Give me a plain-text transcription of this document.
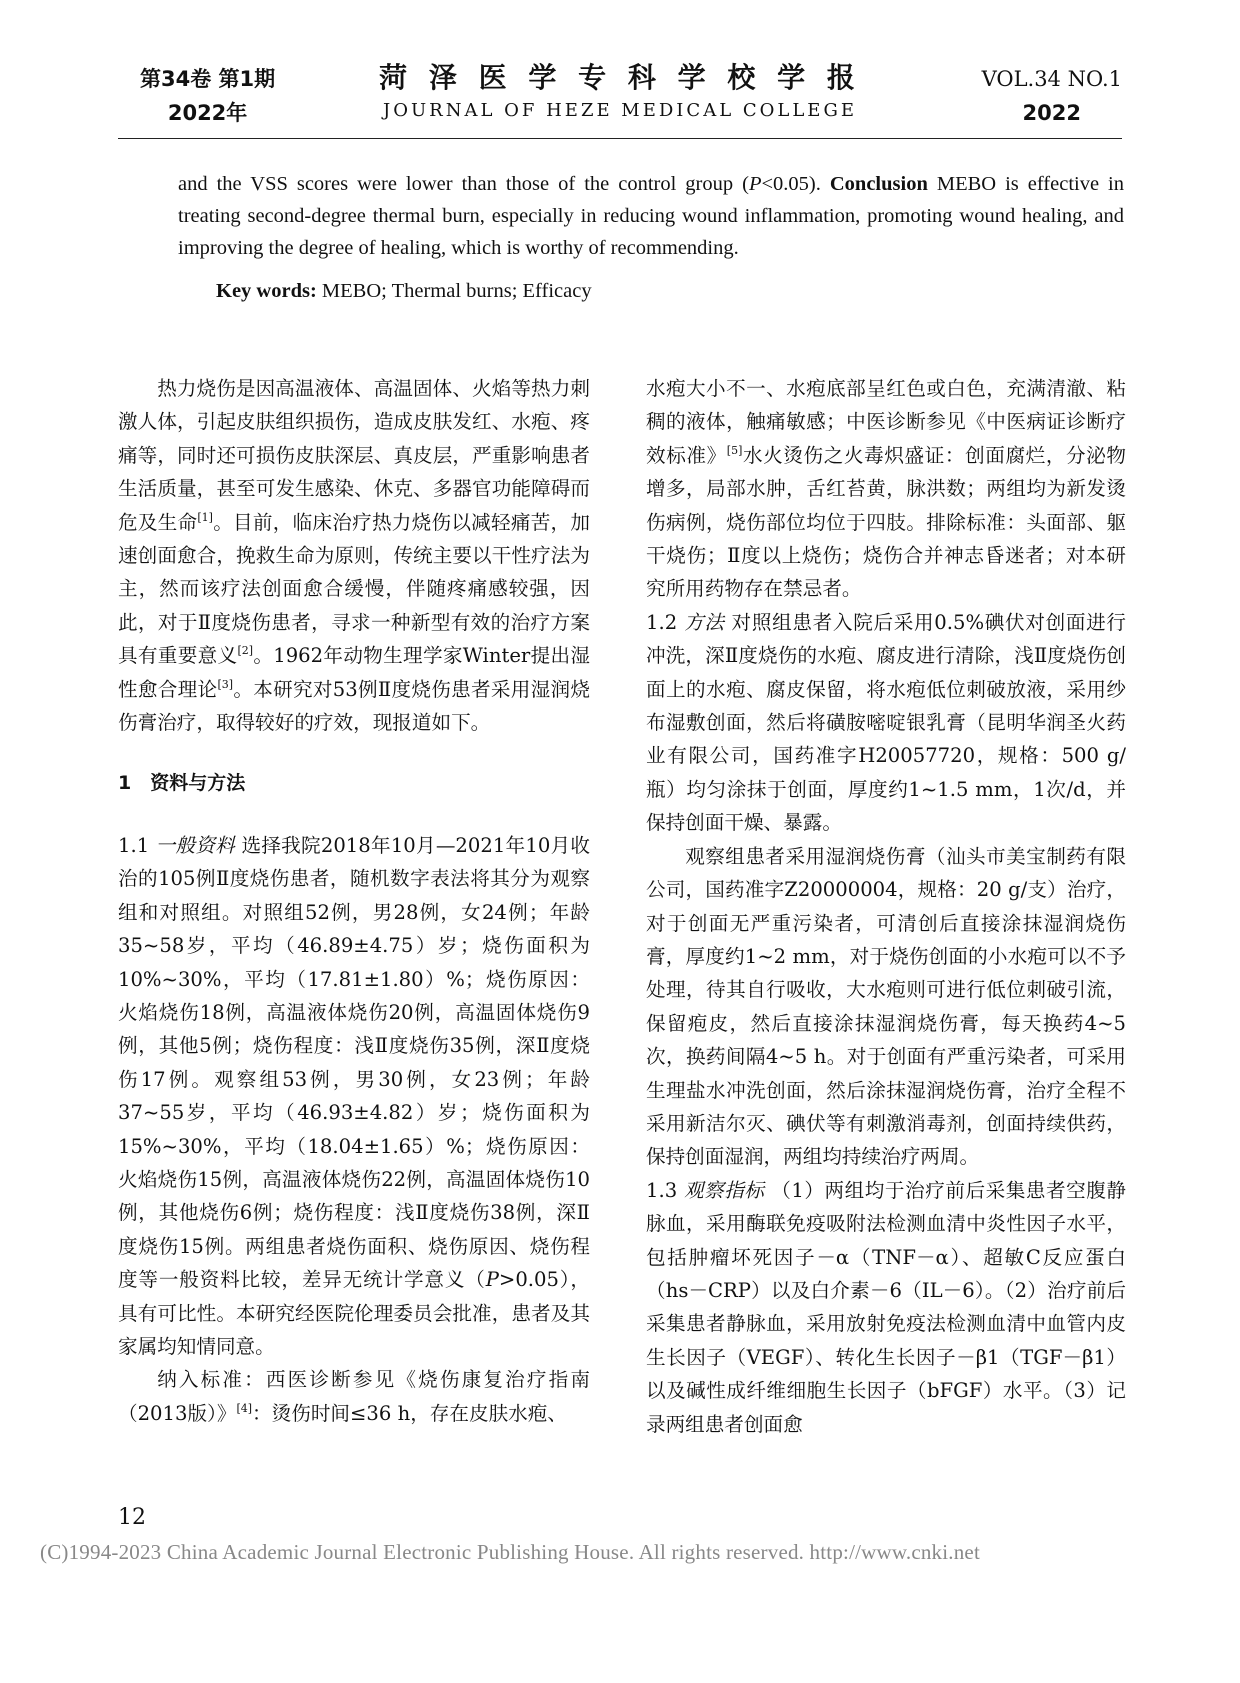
第34卷 第1期
2022年
菏 泽 医 学 专 科 学 校 学 报
JOURNAL OF HEZE MEDICAL COLLEGE
VOL.34 NO.1
2022
and the VSS scores were lower than those of the control group (P<0.05). Conclusion MEBO is effective in treating second-degree thermal burn, especially in reducing wound inflammation, promoting wound healing, and improving the degree of healing, which is worthy of recommending.
Key words: MEBO; Thermal burns; Efficacy

热力烧伤是因高温液体、高温固体、火焰等热力刺激人体，引起皮肤组织损伤，造成皮肤发红、水疱、疼痛等，同时还可损伤皮肤深层、真皮层，严重影响患者生活质量，甚至可发生感染、休克、多器官功能障碍而危及生命[1]。目前，临床治疗热力烧伤以减轻痛苦，加速创面愈合，挽救生命为原则，传统主要以干性疗法为主，然而该疗法创面愈合缓慢，伴随疼痛感较强，因此，对于Ⅱ度烧伤患者，寻求一种新型有效的治疗方案具有重要意义[2]。1962年动物生理学家Winter提出湿性愈合理论[3]。本研究对53例Ⅱ度烧伤患者采用湿润烧伤膏治疗，取得较好的疗效，现报道如下。

1　资料与方法

1.1 一般资料 选择我院2018年10月—2021年10月收治的105例Ⅱ度烧伤患者，随机数字表法将其分为观察组和对照组。对照组52例，男28例，女24例；年龄35~58岁，平均（46.89±4.75）岁；烧伤面积为10%~30%，平均（17.81±1.80）%；烧伤原因：火焰烧伤18例，高温液体烧伤20例，高温固体烧伤9例，其他5例；烧伤程度：浅Ⅱ度烧伤35例，深Ⅱ度烧伤17例。观察组53例，男30例，女23例；年龄37~55岁，平均（46.93±4.82）岁；烧伤面积为15%~30%，平均（18.04±1.65）%；烧伤原因：火焰烧伤15例，高温液体烧伤22例，高温固体烧伤10例，其他烧伤6例；烧伤程度：浅Ⅱ度烧伤38例，深Ⅱ度烧伤15例。两组患者烧伤面积、烧伤原因、烧伤程度等一般资料比较，差异无统计学意义（P>0.05），具有可比性。本研究经医院伦理委员会批准，患者及其家属均知情同意。

纳入标准：西医诊断参见《烧伤康复治疗指南（2013版）》[4]：烫伤时间≤36 h，存在皮肤水疱、

水疱大小不一、水疱底部呈红色或白色，充满清澈、粘稠的液体，触痛敏感；中医诊断参见《中医病证诊断疗效标准》[5]水火烫伤之火毒炽盛证：创面腐烂，分泌物增多，局部水肿，舌红苔黄，脉洪数；两组均为新发烫伤病例，烧伤部位均位于四肢。排除标准：头面部、躯干烧伤；Ⅱ度以上烧伤；烧伤合并神志昏迷者；对本研究所用药物存在禁忌者。

1.2 方法 对照组患者入院后采用0.5%碘伏对创面进行冲洗，深Ⅱ度烧伤的水疱、腐皮进行清除，浅Ⅱ度烧伤创面上的水疱、腐皮保留，将水疱低位刺破放液，采用纱布湿敷创面，然后将磺胺嘧啶银乳膏（昆明华润圣火药业有限公司，国药准字H20057720，规格：500 g/瓶）均匀涂抹于创面，厚度约1~1.5 mm，1次/d，并保持创面干燥、暴露。

观察组患者采用湿润烧伤膏（汕头市美宝制药有限公司，国药准字Z20000004，规格：20 g/支）治疗，对于创面无严重污染者，可清创后直接涂抹湿润烧伤膏，厚度约1~2 mm，对于烧伤创面的小水疱可以不予处理，待其自行吸收，大水疱则可进行低位刺破引流，保留疱皮，然后直接涂抹湿润烧伤膏，每天换药4~5次，换药间隔4~5 h。对于创面有严重污染者，可采用生理盐水冲洗创面，然后涂抹湿润烧伤膏，治疗全程不采用新洁尔灭、碘伏等有刺激消毒剂，创面持续供药，保持创面湿润，两组均持续治疗两周。

1.3 观察指标 （1）两组均于治疗前后采集患者空腹静脉血，采用酶联免疫吸附法检测血清中炎性因子水平，包括肿瘤坏死因子－α（TNF－α）、超敏C反应蛋白（hs－CRP）以及白介素－6（IL－6）。（2）治疗前后采集患者静脉血，采用放射免疫法检测血清中血管内皮生长因子（VEGF）、转化生长因子－β1（TGF－β1）以及碱性成纤维细胞生长因子（bFGF）水平。（3）记录两组患者创面愈

12
(C)1994-2023 China Academic Journal Electronic Publishing House. All rights reserved. http://www.cnki.net
